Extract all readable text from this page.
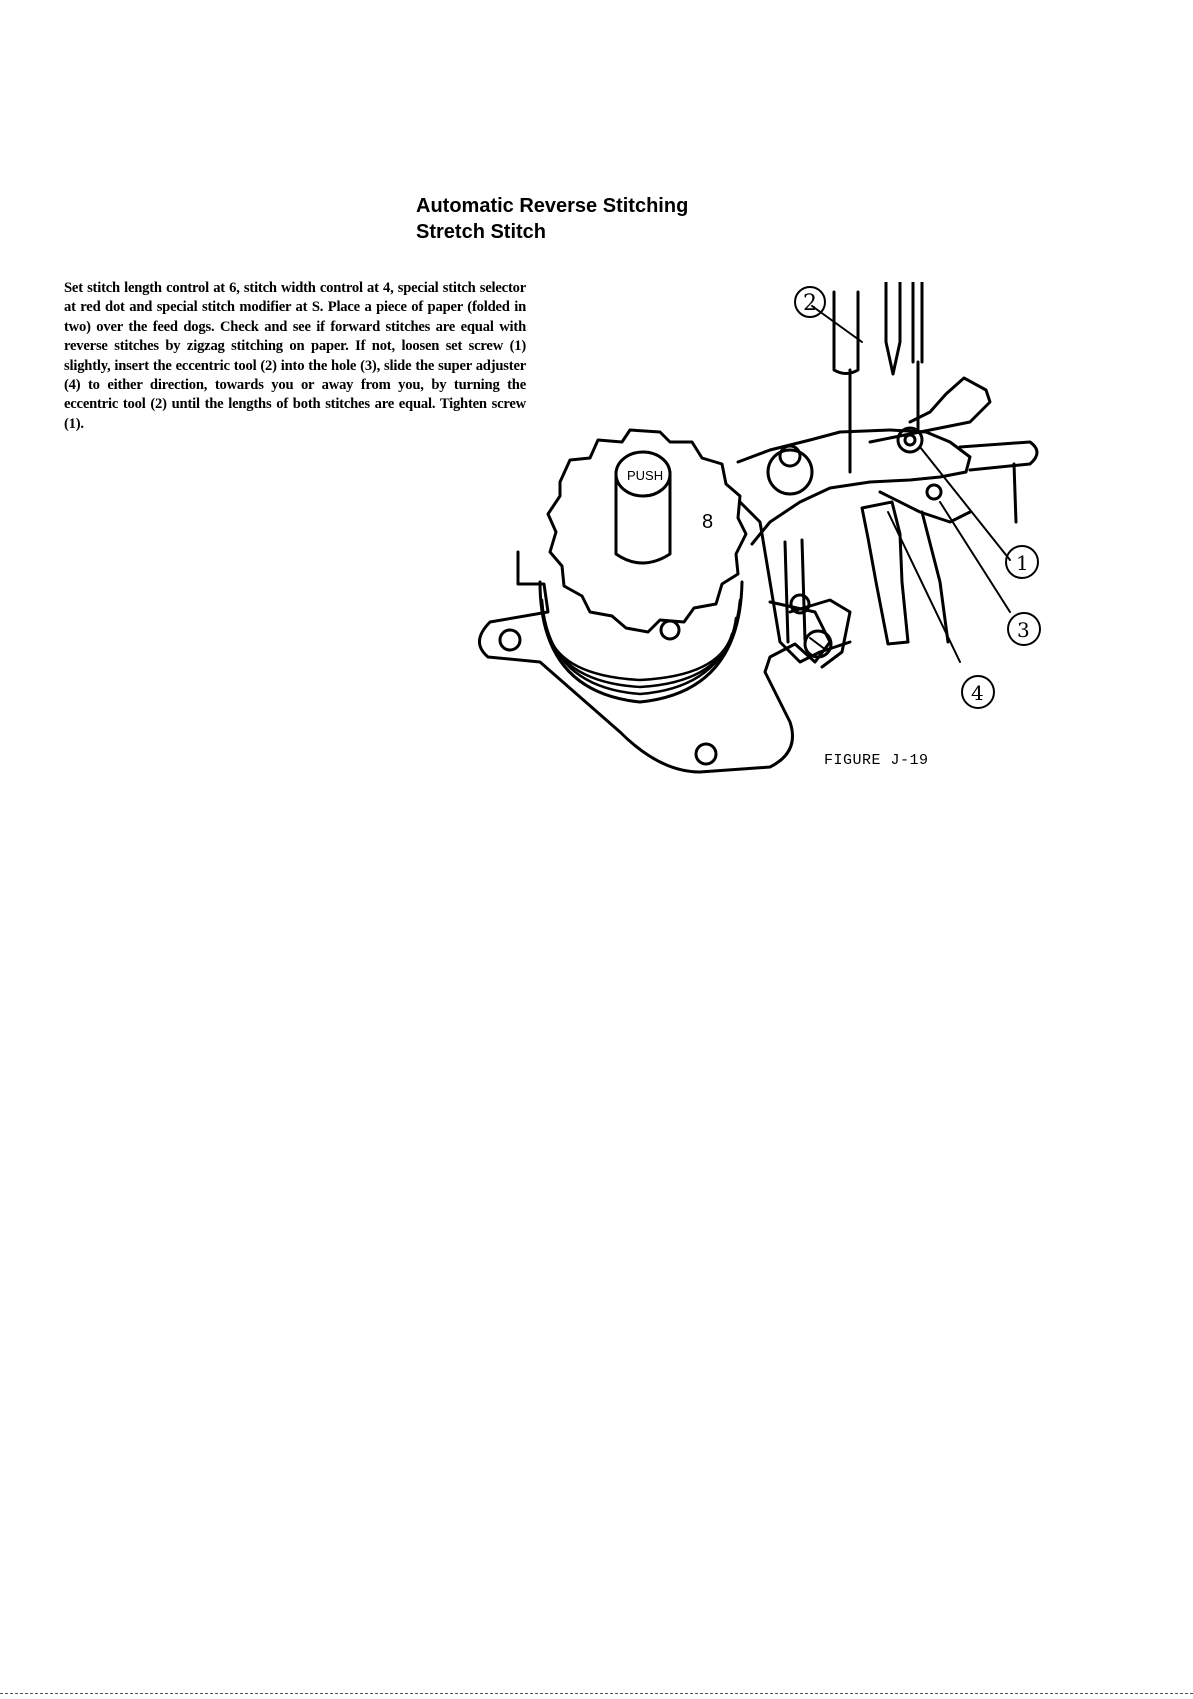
Automatic Reverse Stitching
Stretch Stitch
Set stitch length control at 6, stitch width control at 4, special stitch selector at red dot and special stitch modifier at S. Place a piece of paper (folded in two) over the feed dogs. Check and see if forward stitches are equal with reverse stitches by zigzag stitching on paper. If not, loosen set screw (1) slightly, insert the eccentric tool (2) into the hole (3), slide the super adjuster (4) to either direction, towards you or away from you, by turning the eccentric tool (2) until the lengths of both stitches are equal. Tighten screw (1).
8
PUSH
2
1
3
4
FIGURE J-19
